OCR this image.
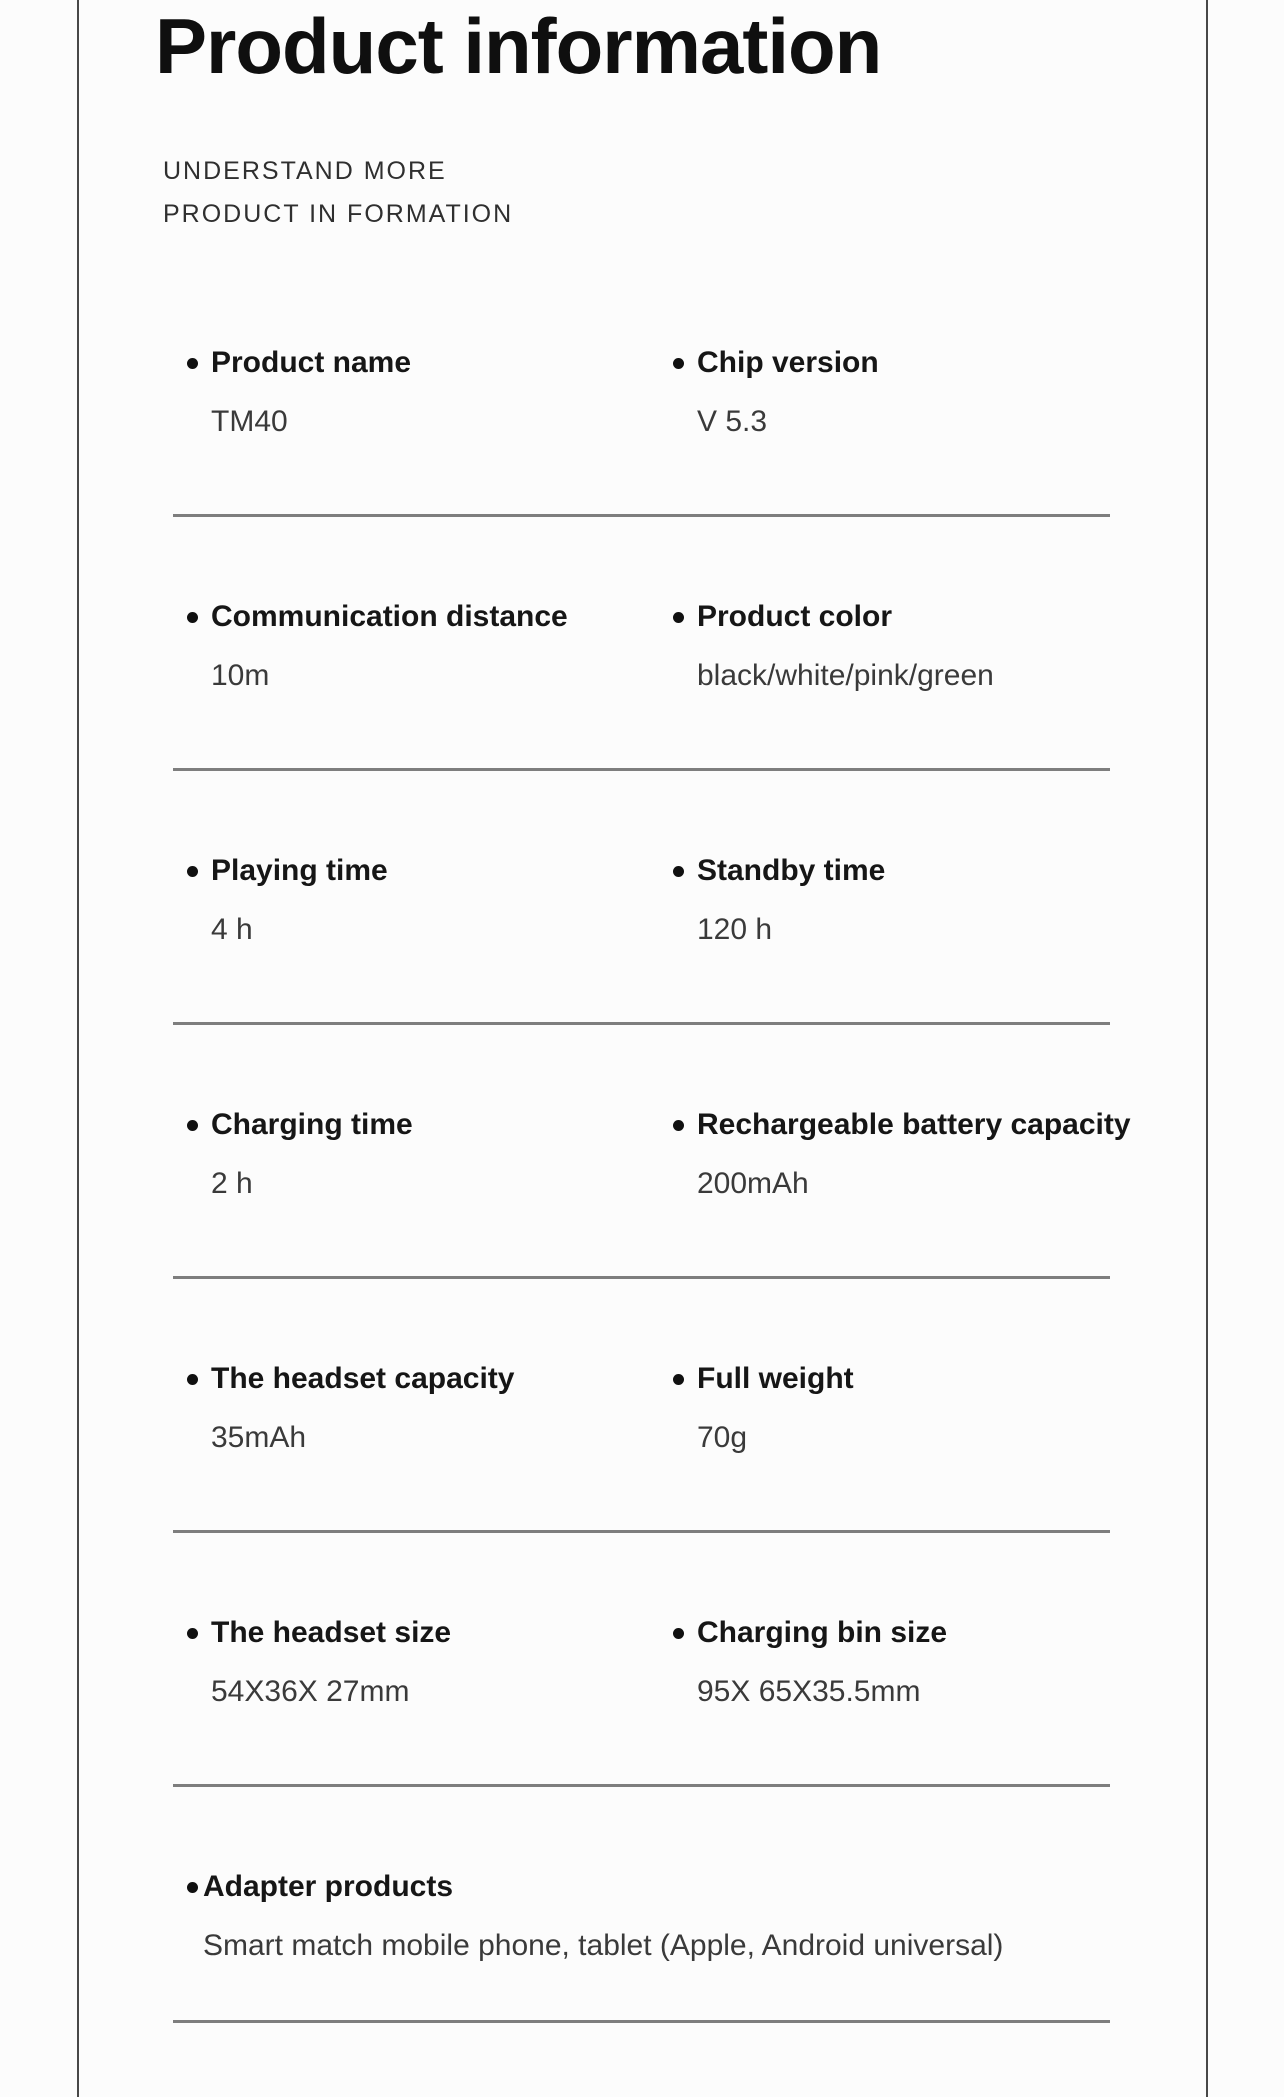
Product information
UNDERSTAND MORE
PRODUCT IN FORMATION
Product name
TM40
Chip version
V 5.3
Communication distance
10m
Product color
black/white/pink/green
Playing time
4 h
Standby time
120 h
Charging time
2 h
Rechargeable battery capacity
200mAh
The headset capacity
35mAh
Full weight
70g
The headset size
54X36X 27mm
Charging bin size
95X 65X35.5mm
Adapter products
Smart match mobile phone, tablet (Apple, Android universal)
